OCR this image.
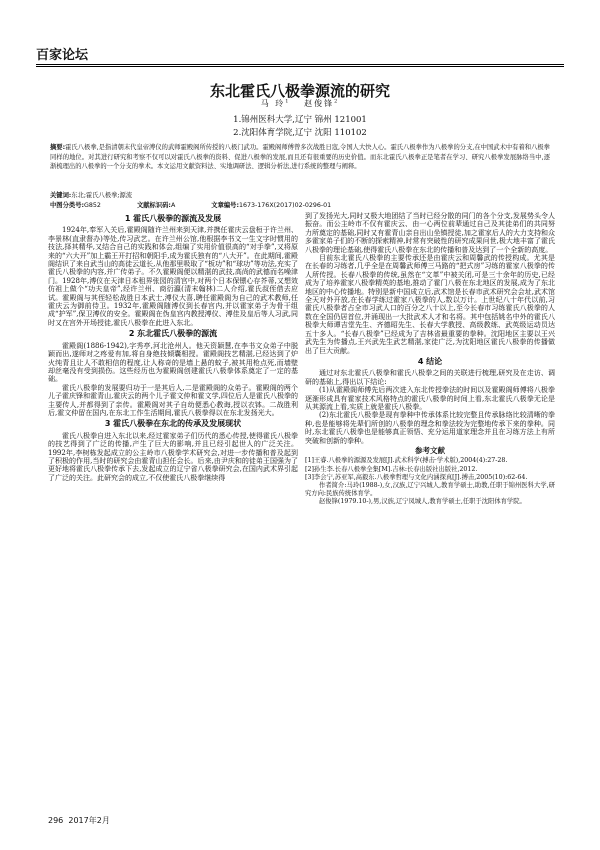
百家论坛
东北霍氏八极拳源流的研究
马 玲$^1$ 赵俊锋$^2$
1.锦州医科大学,辽宁 锦州 121001
2.沈阳体育学院,辽宁 沈阳 110102
摘要:霍氏八极拳,是指清朝末代皇帝溥仪的武师霍殿阁所传授的八极门武功。霍殿阁师傅曾多次战胜日寇,令国人大快人心。霍氏八极拳作为八极拳的分支,在中国武术中有着和八极拳同样的地位。对其进行研究和考察不仅可以对霍氏八极拳的资料、促进八极拳的发展,而且还有很重要的历史价值。而东北霍氏八极拳正是笔者在学习、研究八极拳发展脉络当中,逐渐梳理出的八极拳的一个分支的拳术。本文运用文献资料法、实地调研法、逻辑分析法,进行系统的整理与阐释。
关键词:东北;霍氏八极拳;源流
中图分类号:G852	文献标识码:A	文章编号:1673-176X(2017)02-0296-01
1 霍氏八极拳的源流及发展

1924年,奉军入关后,霍殿阁随许兰州来到天津,并携任霍庆云盘桓于许兰州、李景林(直隶督办)等处,传习武艺。在许兰州公馆,他根据李书文一生文字时惯用的技法,择其精华,又结合自己的实践和体会,组编了实用价值很高的“对手拳”,又将原来的“六大开”加上霸王开打招和朝阳手,成为霍氏独有的“八大开”。在此期间,霍殿阁结识了来自武当山的高徒云道长,从他那里吸取了“板功”和“球功”等功法,充实了霍氏八极拳的内容,并广传弟子。不久霍殿阁便以精湛的武技,高尚的武德而名噪津门。1928年,溥仪在天津日本租界张园的清宫中,对两个日本保镖心存芥蒂,又想效仿祖上做个“功夫皇帝”,经许兰州、商衍瀛(清末翰林)二人介绍,霍氏叔侄借去应试。霍殿阁与其侄轻松战胜日本武士,溥仪大喜,聘任霍殿阁为自己的武术教师,任霍庆云为御前侍卫。1932年,霍殿阁随溥仪到长春宫内,并以霍家弟子为骨干组成“护军”,保卫溥仪的安全。霍殿阁在伪皇宫内教授溥仪、溥佳及皇后等人习武,同时又在宫外开场授徒,霍氏八极拳在此进入东北。

2 东北霍氏八极拳的源流

霍殿阁(1886-1942),字秀亭,河北沧州人。他天资颖慧,在李书文众弟子中脱颖而出,遂师对之疼爱有加,将自身绝技倾囊相授。霍殿阁技艺精湛,已经达到了炉火纯青且让人不敢相信的程度,让人称奇的是墙上悬的蚊子,被其用枪点死,而墙壁却丝毫没有受到损伤。这些经历也为霍殿阁创建霍氏八极拳体系奠定了一定的基础。

霍氏八极拳的发展要归功于一是其后人,二是霍殿阁的众弟子。霍殿阁的两个儿子霍庆锋和霍青山,霍庆云的两个儿子霍文仲和霍文学,四位后人是霍氏八极拳的主要传人,并都得到了亲传。霍殿阁对其子自幼便悉心教诲,授以衣钵。二战胜利后,霍文仲留在国内,在东北工作生活期间,霍氏八极拳得以在东北发扬光大。

3 霍氏八极拳在东北的传承及发展现状

霍氏八极拳自进入东北以来,经过霍家弟子们历代的悉心传授,使得霍氏八极拳的技艺得到了广泛的传播,产生了巨大的影响,并且已经引起世人的广泛关注。1992年,李树栋发起成立的公主岭市八极拳学术研究会,对进一步传播和普及起到了积极的作用,当时的研究会由霍青山担任会长。后来,由尹庆和的徒弟王国强为了更好地将霍氏八极拳传承下去,发起成立的辽宁省八极拳研究会,在国内武术界引起了广泛的关注。此研究会的成立,不仅使霍氏八极拳继续得

到了发扬光大,同时又极大地团结了当时已经分散的同门的各个分支,发展势头令人振奋。而公主岭市不仅有霍庆云、由一心两位前辈通过自己及其徒弟们的共同努力所奠定的基础,同时又有霍青山亲自出山坐镇授徒,加之霍家后人的大力支持和众多霍家弟子们的不断的探索精神,时常有突破性的研究成果问世,极大地丰富了霍氏八极拳的理论基础,使得霍氏八极拳在东北的传播和普及达到了一个全新的高度。

目前东北霍氏八极拳的主要传承还是由霍庆云和周馨武的传授构成。尤其是在长春的习练者,几乎全是在周馨武师傅三马路的“把式房”习练的霍家八极拳的传人所传授。长春八极拳的传统,虽然在“文革”中被关闭,可是三十余年的历史,已经成为了培养霍家八极拳精英的基地,推动了霍门八极在东北地区的发展,成为了东北地区的中心传播地。特别是新中国成立后,武术馆是长春市武术研究会会址,武术馆全天对外开放,在长春学练过霍家八极拳的人,数以万计。上世纪八十年代以前,习霍氏八极拳者占全市习武人口的百分之八十以上,至今长春市习练霍氏八极拳的人数在全国仍居首位,并涌现出一大批武术人才和名将。其中包括姚名中外的霍氏八极拳大师谭吉堂先生、齐德昭先生、长春大学教授、高级教练、武英级运动员达五十多人。“长春八极拳”已经成为了吉林省最重要的拳种。沈阳地区主要以王兴武先生为传播点,王兴武先生武艺精湛,家徒广泛,为沈阳地区霍氏八极拳的传播做出了巨大贡献。

4 结论

通过对东北霍氏八极拳和霍氏八极拳之间的关联进行梳理,研究及在走访、调研的基础上,得出以下结论:

(1)从霍殿阁师傅先后两次进入东北传授拳法的时间以及霍殿阁师傅将八极拳逐渐形成具有霍家技术风格特点的霍氏八极拳的时间上看,东北霍氏八极拳无论是从其源流上看,实质上就是霍氏八极拳。

(2)东北霍氏八极拳是现有拳种中传承体系比较完整且传承脉络比较清晰的拳种,也是能够将先辈们所创的八极拳的理念和拳法较为完整地传承下来的拳种。同时,东北霍氏八极拳也是能够真正领悟、充分运用道家理念并且在习练方法上有所突破和创新的拳种。

参考文献

[1]王睿.八极拳的源源及发展[J].武术科学(搏击·学术版),2004(4):27-28.

[2]孙生李.长春八极拳全集[M].吉林:长春出版社出版社,2012.

[3]李会宁,苏亚军,高毅东.八极拳哲理与文化内涵探真[J].搏击,2005(10):62-64.

作者简介:马玲(1988-),女,汉族,辽宁兴城人,教育学硕士,助教,任职于锦州医科大学,研究方向:民族传统体育学。

赵俊锋(1979.10-),男,汉族,辽宁凤城人,教育学硕士,任职于沈阳体育学院。

296 2017年2月
